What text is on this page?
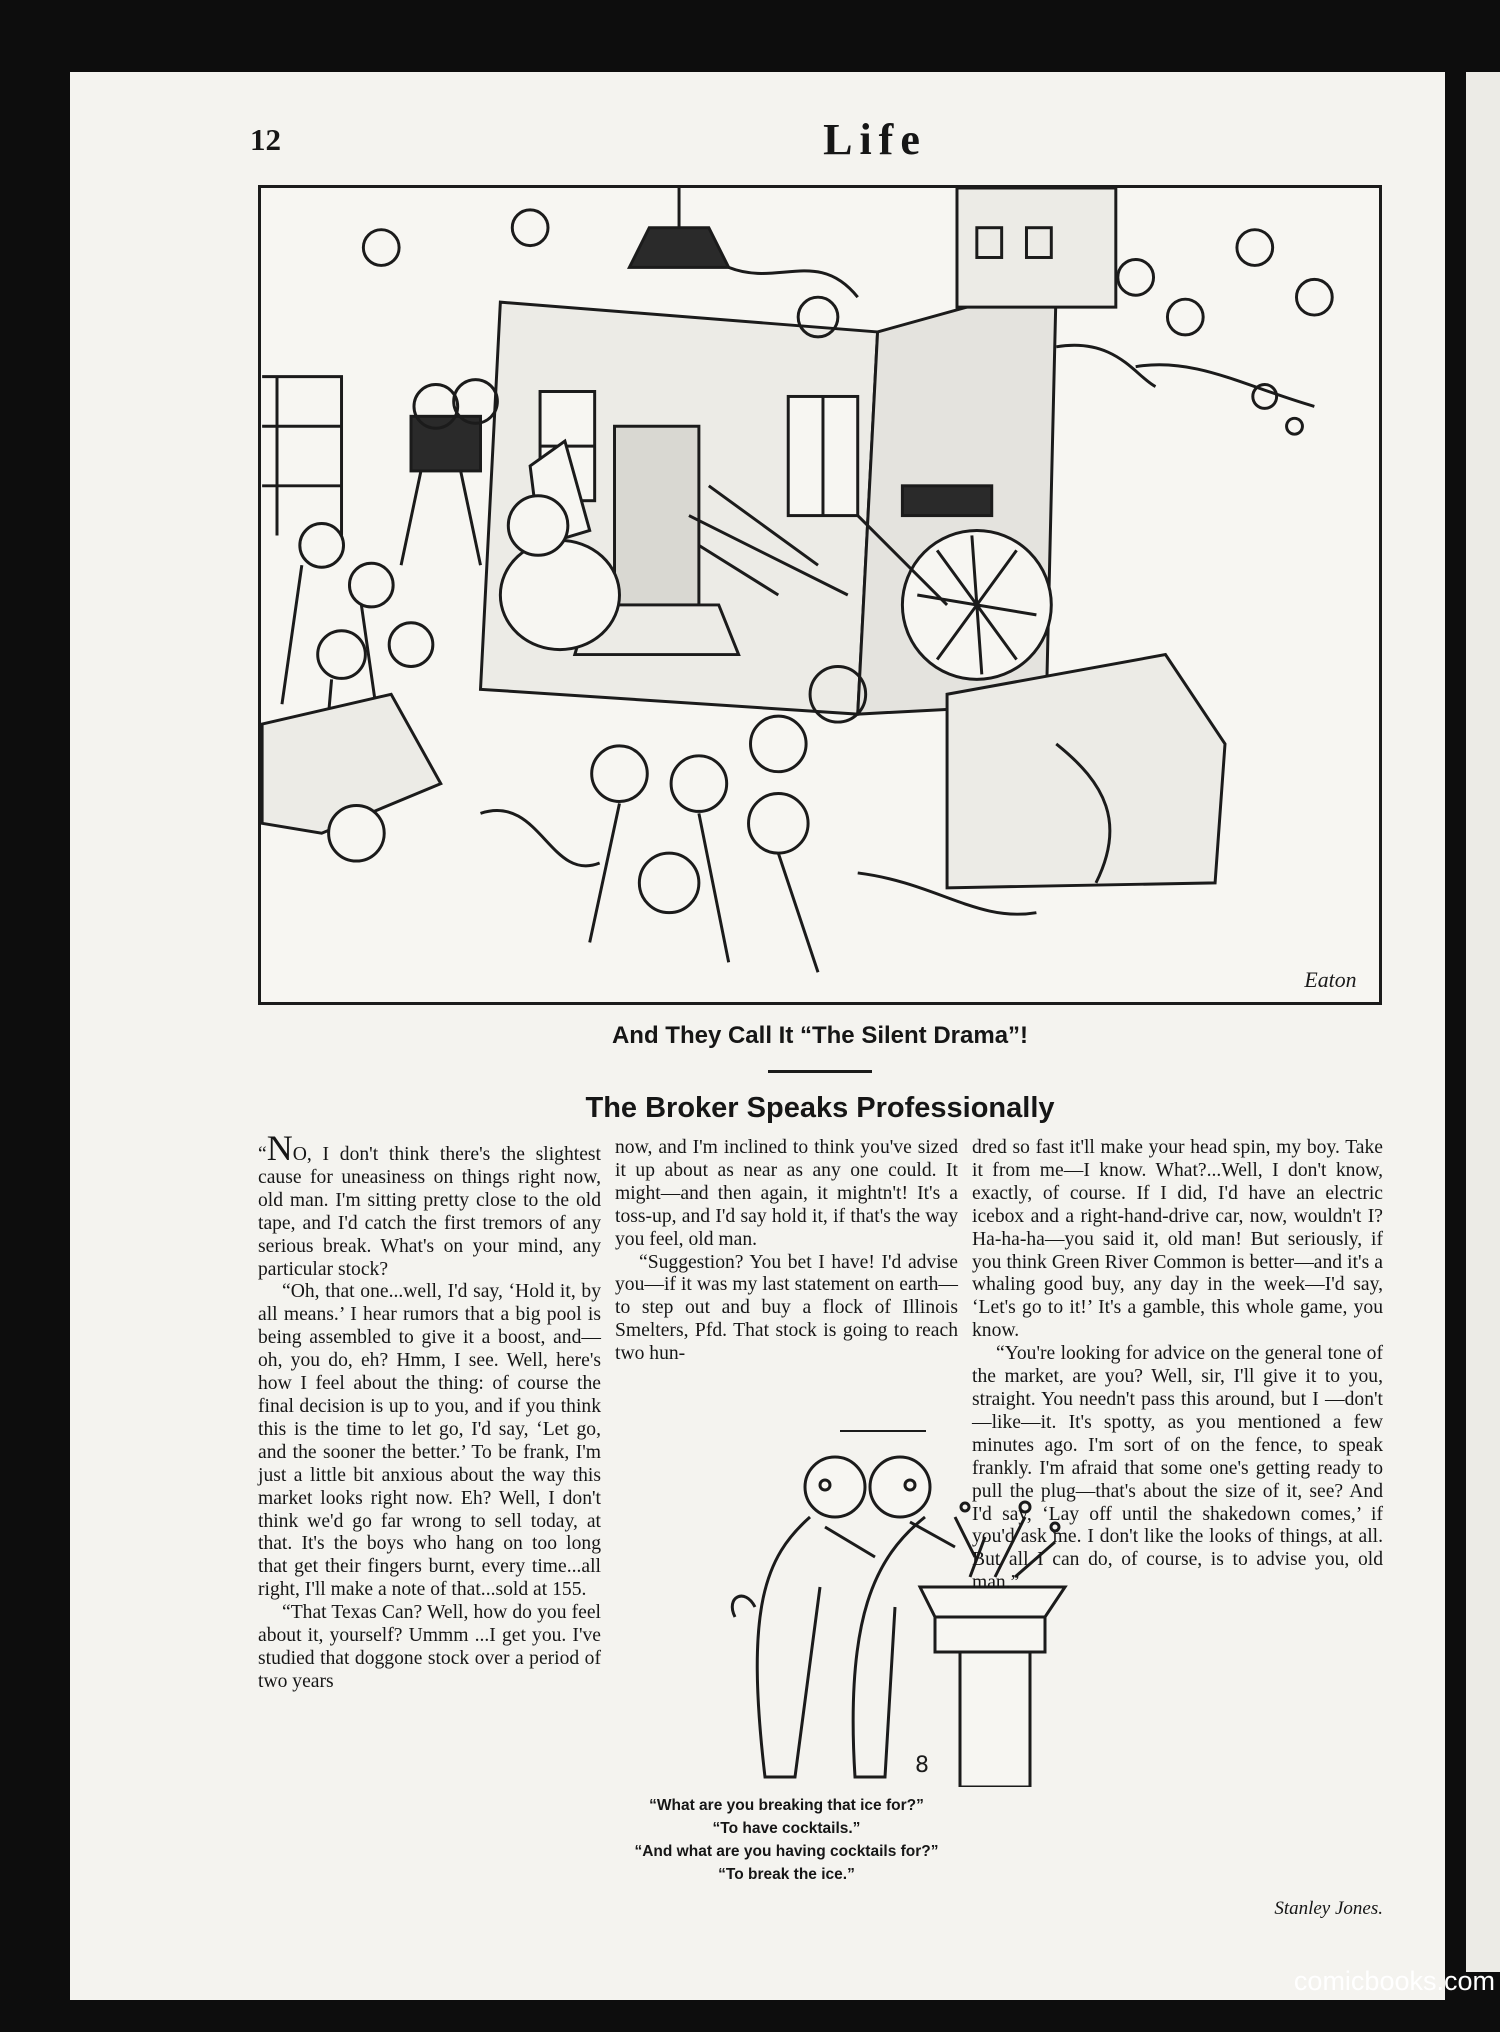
12	Life
Eaton
And They Call It “The Silent Drama”!
The Broker Speaks Professionally

“NO, I don't think there's the slightest cause for uneasiness on things right now, old man. I'm sitting pretty close to the old tape, and I'd catch the first tremors of any serious break. What's on your mind, any particular stock?

“Oh, that one...well, I'd say, ‘Hold it, by all means.’ I hear rumors that a big pool is being assembled to give it a boost, and—oh, you do, eh? Hmm, I see. Well, here's how I feel about the thing: of course the final decision is up to you, and if you think this is the time to let go, I'd say, ‘Let go, and the sooner the better.’ To be frank, I'm just a little bit anxious about the way this market looks right now. Eh? Well, I don't think we'd go far wrong to sell today, at that. It's the boys who hang on too long that get their fingers burnt, every time...all right, I'll make a note of that...sold at 155.

“That Texas Can? Well, how do you feel about it, yourself? Ummm ...I get you. I've studied that doggone stock over a period of two years

now, and I'm inclined to think you've sized it up about as near as any one could. It might—and then again, it mightn't! It's a toss-up, and I'd say hold it, if that's the way you feel, old man.

“Suggestion? You bet I have! I'd advise you—if it was my last statement on earth—to step out and buy a flock of Illinois Smelters, Pfd. That stock is going to reach two hun-

8
“What are you breaking that ice for?”
“To have cocktails.”
“And what are you having cocktails for?”
“To break the ice.”

dred so fast it'll make your head spin, my boy. Take it from me—I know. What?...Well, I don't know, exactly, of course. If I did, I'd have an electric icebox and a right-hand-drive car, now, wouldn't I? Ha-ha-ha—you said it, old man! But seriously, if you think Green River Common is better—and it's a whaling good buy, any day in the week—I'd say, ‘Let's go to it!’ It's a gamble, this whole game, you know.

“You're looking for advice on the general tone of the market, are you? Well, sir, I'll give it to you, straight. You needn't pass this around, but I —don't—like—it. It's spotty, as you mentioned a few minutes ago. I'm sort of on the fence, to speak frankly. I'm afraid that some one's getting ready to pull the plug—that's about the size of it, see? And I'd say, ‘Lay off until the shakedown comes,’ if you'd ask me. I don't like the looks of things, at all. But all I can do, of course, is to advise you, old man.”

Stanley Jones.
comicbooks.com
